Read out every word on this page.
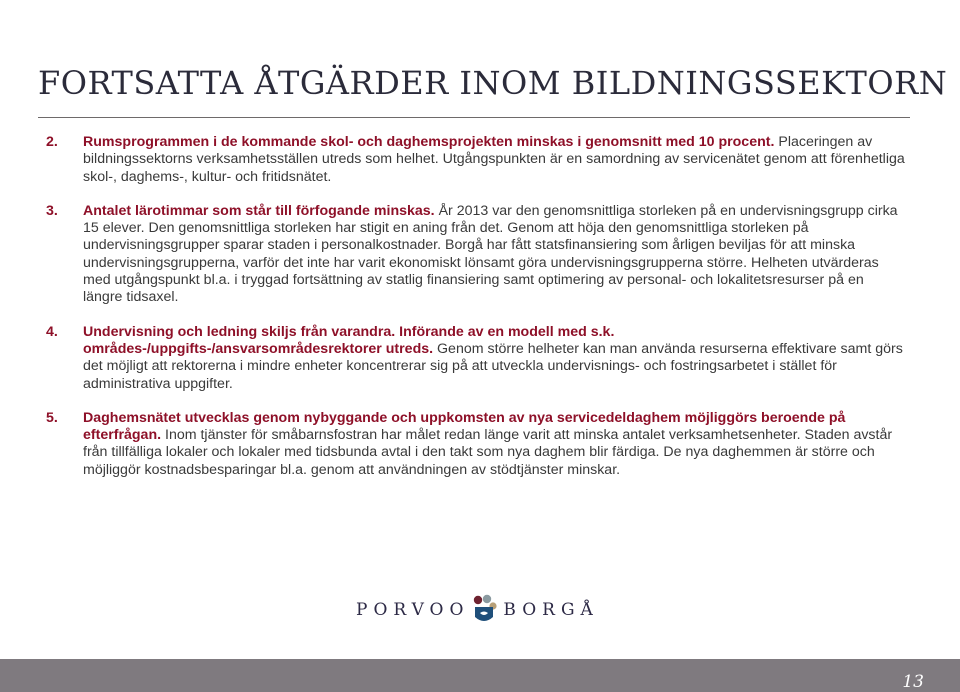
FORTSATTA ÅTGÄRDER INOM BILDNINGSSEKTORN
2.	Rumsprogrammen i de kommande skol- och daghemsprojekten minskas i genomsnitt med 10 procent. Placeringen av bildningssektorns verksamhetsställen utreds som helhet. Utgångspunkten är en samordning av servicenätet genom att förenhetliga skol-, daghems-, kultur- och fritidsnätet.
3.	Antalet lärotimmar som står till förfogande minskas. År 2013 var den genomsnittliga storleken på en undervisningsgrupp cirka 15 elever. Den genomsnittliga storleken har stigit en aning från det. Genom att höja den genomsnittliga storleken på undervisningsgrupper sparar staden i personalkostnader. Borgå har fått statsfinansiering som årligen beviljas för att minska undervisningsgrupperna, varför det inte har varit ekonomiskt lönsamt göra undervisningsgrupperna större. Helheten utvärderas med utgångspunkt bl.a. i tryggad fortsättning av statlig finansiering samt optimering av personal- och lokalitetsresurser på en längre tidsaxel.
4.	Undervisning och ledning skiljs från varandra. Införande av en modell med s.k. områdes-/uppgifts-/ansvarsområdesrektorer utreds. Genom större helheter kan man använda resurserna effektivare samt görs det möjligt att rektorerna i mindre enheter koncentrerar sig på att utveckla undervisnings- och fostringsarbetet i stället för administrativa uppgifter.
5.	Daghemsnätet utvecklas genom nybyggande och uppkomsten av nya servicedeldaghem möjliggörs beroende på efterfrågan. Inom tjänster för småbarnsfostran har målet redan länge varit att minska antalet verksamhetsenheter. Staden avstår från tillfälliga lokaler och lokaler med tidsbunda avtal i den takt som nya daghem blir färdiga. De nya daghemmen är större och möjliggör kostnadsbesparingar bl.a. genom att användningen av stödtjänster minskar.
PORVOO BORGÅ
13
